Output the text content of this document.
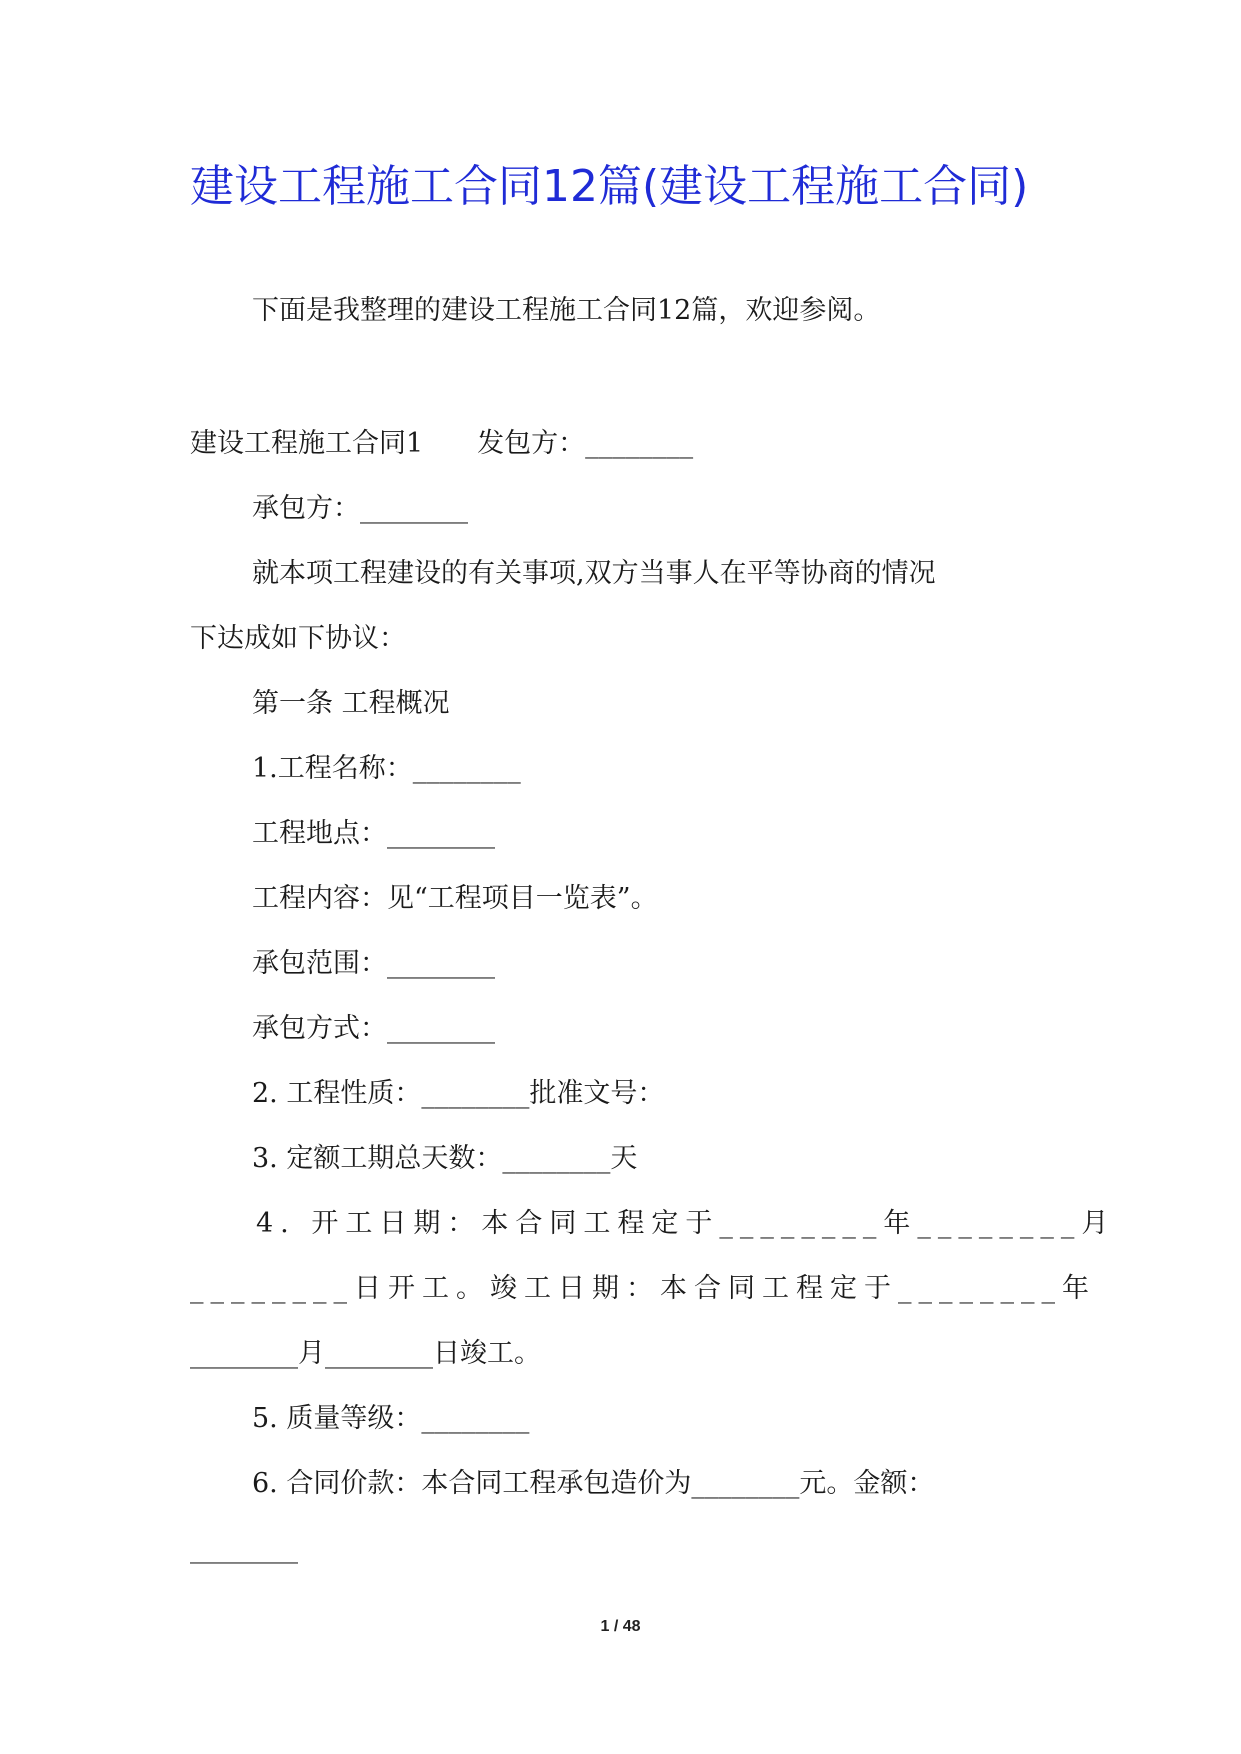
建设工程施工合同12篇(建设工程施工合同)
下面是我整理的建设工程施工合同12篇，欢迎参阅。
建设工程施工合同1　　发包方：________
承包方：________
就本项工程建设的有关事项,双方当事人在平等协商的情况
下达成如下协议：
第一条 工程概况
1.工程名称：________
工程地点：________
工程内容：见“工程项目一览表”。
承包范围：________
承包方式：________
2. 工程性质：________批准文号：
3. 定额工期总天数：________天
4. 开工日期：本合同工程定于________年________月
________日开工。竣工日期：本合同工程定于________年
________月________日竣工。
5. 质量等级：________
6. 合同价款：本合同工程承包造价为________元。金额：
________
1 / 48
